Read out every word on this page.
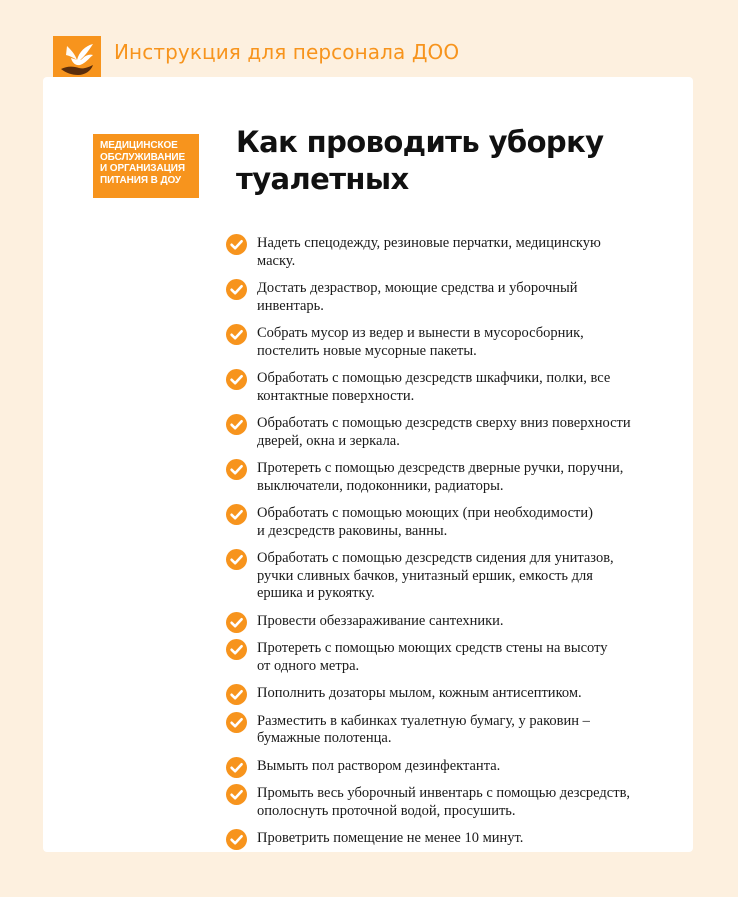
Инструкция для персонала ДОО
МЕДИЦИНСКОЕ
ОБСЛУЖИВАНИЕ
И ОРГАНИЗАЦИЯ
ПИТАНИЯ В ДОУ
Как проводить уборку
туалетных
Надеть спецодежду, резиновые перчатки, медицинскую
маску.
Достать дезраствор, моющие средства и уборочный
инвентарь.
Собрать мусор из ведер и вынести в мусоросборник,
постелить новые мусорные пакеты.
Обработать с помощью дезсредств шкафчики, полки, все
контактные поверхности.
Обработать с помощью дезсредств сверху вниз поверхности
дверей, окна и зеркала.
Протереть с помощью дезсредств дверные ручки, поручни,
выключатели, подоконники, радиаторы.
Обработать с помощью моющих (при необходимости)
и дезсредств раковины, ванны.
Обработать с помощью дезсредств сидения для унитазов,
ручки сливных бачков, унитазный ершик, емкость для
ершика и рукоятку.
Провести обеззараживание сантехники.
Протереть с помощью моющих средств стены на высоту
от одного метра.
Пополнить дозаторы мылом, кожным антисептиком.
Разместить в кабинках туалетную бумагу, у раковин –
бумажные полотенца.
Вымыть пол раствором дезинфектанта.
Промыть весь уборочный инвентарь с помощью дезсредств,
ополоснуть проточной водой, просушить.
Проветрить помещение не менее 10 минут.
